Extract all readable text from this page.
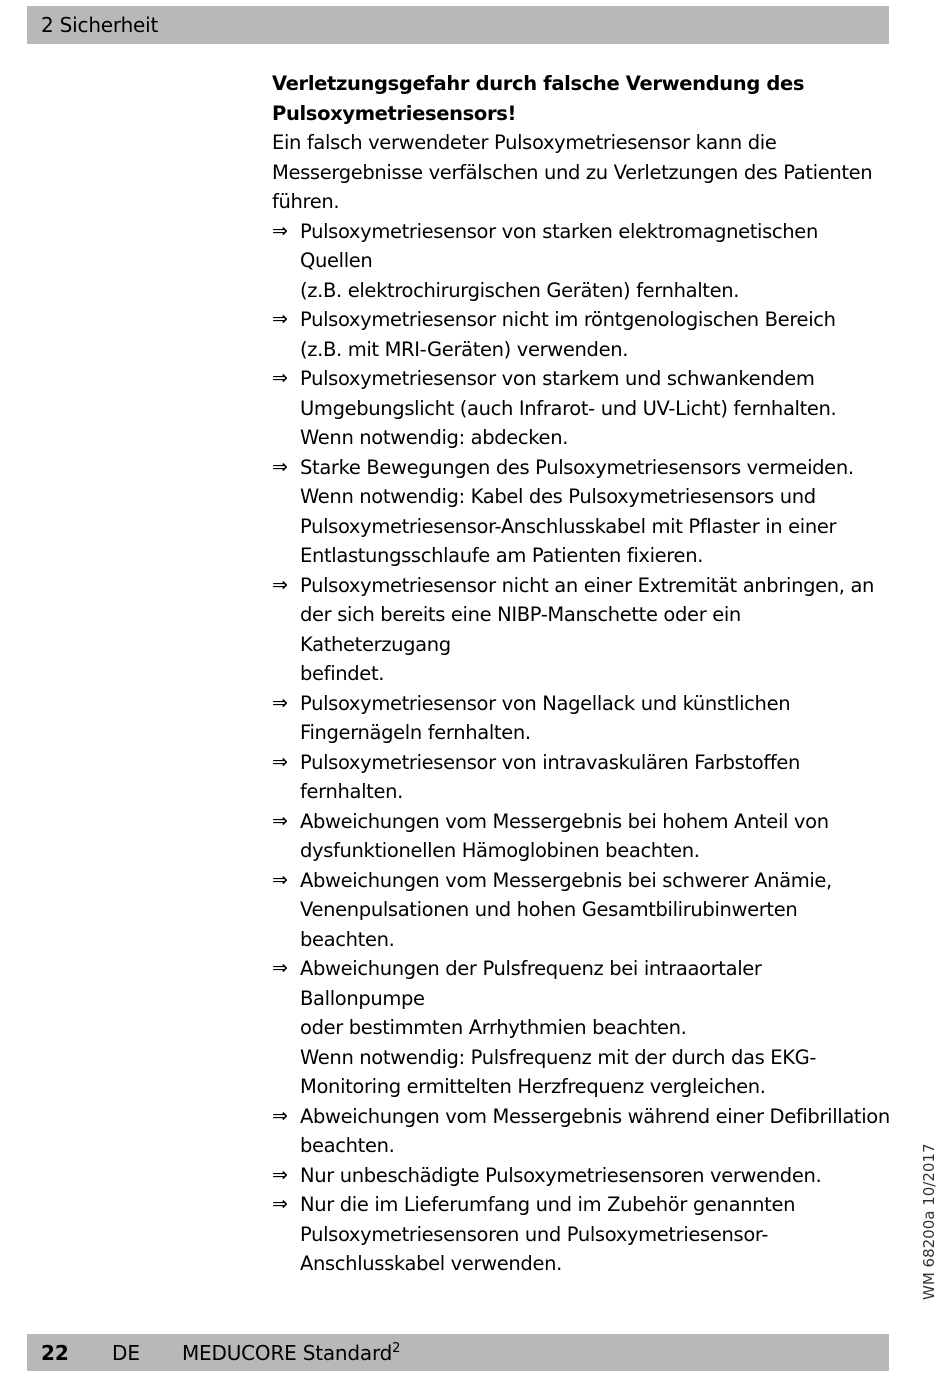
2 Sicherheit

Verletzungsgefahr durch falsche Verwendung des
Pulsoxymetriesensors!

Ein falsch verwendeter Pulsoxymetriesensor kann die
Messergebnisse verfälschen und zu Verletzungen des Patienten
führen.

⇒ Pulsoxymetriesensor von starken elektromagnetischen Quellen
(z.B. elektrochirurgischen Geräten) fernhalten.
⇒ Pulsoxymetriesensor nicht im röntgenologischen Bereich
(z.B. mit MRI-Geräten) verwenden.
⇒ Pulsoxymetriesensor von starkem und schwankendem
Umgebungslicht (auch Infrarot- und UV-Licht) fernhalten.
Wenn notwendig: abdecken.
⇒ Starke Bewegungen des Pulsoxymetriesensors vermeiden.
Wenn notwendig: Kabel des Pulsoxymetriesensors und
Pulsoxymetriesensor-Anschlusskabel mit Pflaster in einer
Entlastungsschlaufe am Patienten fixieren.
⇒ Pulsoxymetriesensor nicht an einer Extremität anbringen, an
der sich bereits eine NIBP-Manschette oder ein Katheterzugang
befindet.
⇒ Pulsoxymetriesensor von Nagellack und künstlichen
Fingernägeln fernhalten.
⇒ Pulsoxymetriesensor von intravaskulären Farbstoffen
fernhalten.
⇒ Abweichungen vom Messergebnis bei hohem Anteil von
dysfunktionellen Hämoglobinen beachten.
⇒ Abweichungen vom Messergebnis bei schwerer Anämie,
Venenpulsationen und hohen Gesamtbilirubinwerten
beachten.
⇒ Abweichungen der Pulsfrequenz bei intraaortaler Ballonpumpe
oder bestimmten Arrhythmien beachten.
Wenn notwendig: Pulsfrequenz mit der durch das EKG-
Monitoring ermittelten Herzfrequenz vergleichen.
⇒ Abweichungen vom Messergebnis während einer Defibrillation
beachten.
⇒ Nur unbeschädigte Pulsoxymetriesensoren verwenden.
⇒ Nur die im Lieferumfang und im Zubehör genannten
Pulsoxymetriesensoren und Pulsoxymetriesensor-
Anschlusskabel verwenden.	WM 68200a 10/2017
22 DE MEDUCORE Standard$^2$
